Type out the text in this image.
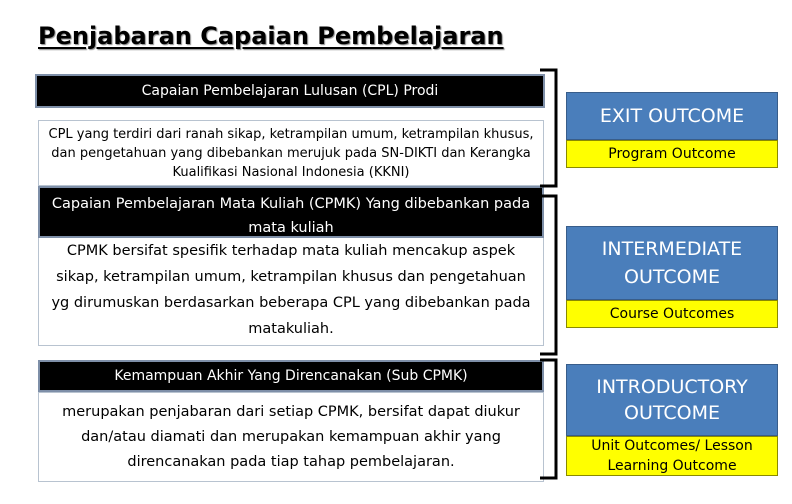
Penjabaran Capaian Pembelajaran
CPL yang terdiri dari ranah sikap, ketrampilan umum, ketrampilan khusus, dan pengetahuan yang dibebankan merujuk pada SN-DIKTI dan Kerangka Kualifikasi Nasional Indonesia (KKNI)
Capaian Pembelajaran Lulusan (CPL) Prodi
CPMK bersifat spesifik terhadap mata kuliah mencakup aspek sikap, ketrampilan umum, ketrampilan khusus dan pengetahuan yg dirumuskan berdasarkan beberapa CPL yang dibebankan pada matakuliah.
Capaian Pembelajaran Mata Kuliah (CPMK) Yang dibebankan pada mata kuliah
Kemampuan Akhir Yang Direncanakan (Sub CPMK)
merupakan penjabaran dari setiap CPMK, bersifat dapat diukur dan/atau diamati dan merupakan kemampuan akhir yang direncanakan pada tiap tahap pembelajaran.
EXIT OUTCOME
Program Outcome
INTERMEDIATE OUTCOME
Course Outcomes
INTRODUCTORY OUTCOME
Unit Outcomes/ Lesson Learning Outcome
